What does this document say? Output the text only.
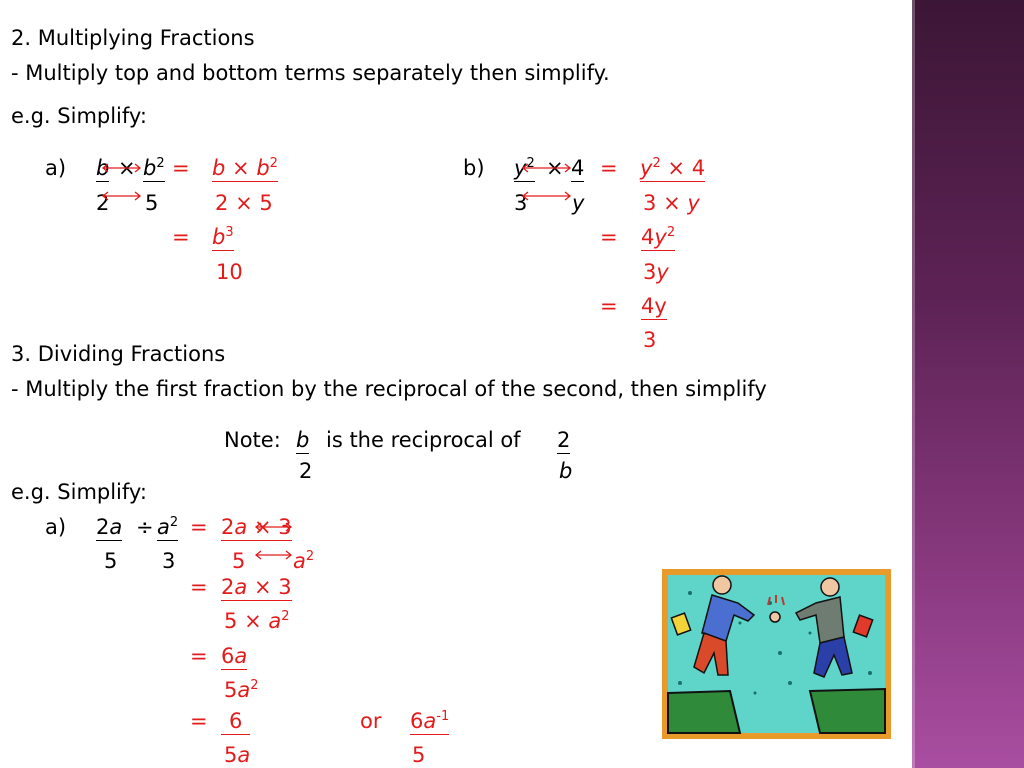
2. Multiplying Fractions
- Multiply top and bottom terms separately then simplify.
e.g. Simplify:
a) $b \times b^2$ =
2 5
$b \times b^2$
2 × 5
= $b^3$
10
b) $y^2 \times 4$ =
3 y
$y^2 \times 4$
3 × y
= $4y^2$
3y
= 4y
3
3. Dividing Fractions
- Multiply the first fraction by the reciprocal of the second, then simplify
Note: b
2
is the reciprocal of 2
b
e.g. Simplify:
a) $2a \div a^2$ =
5 3
2a × 3
5 $a^2$
= 2a × 3
$5 \times a^2$
= 6a
$5a^2$
=	6
5a
or $6a^{-1}$
5
